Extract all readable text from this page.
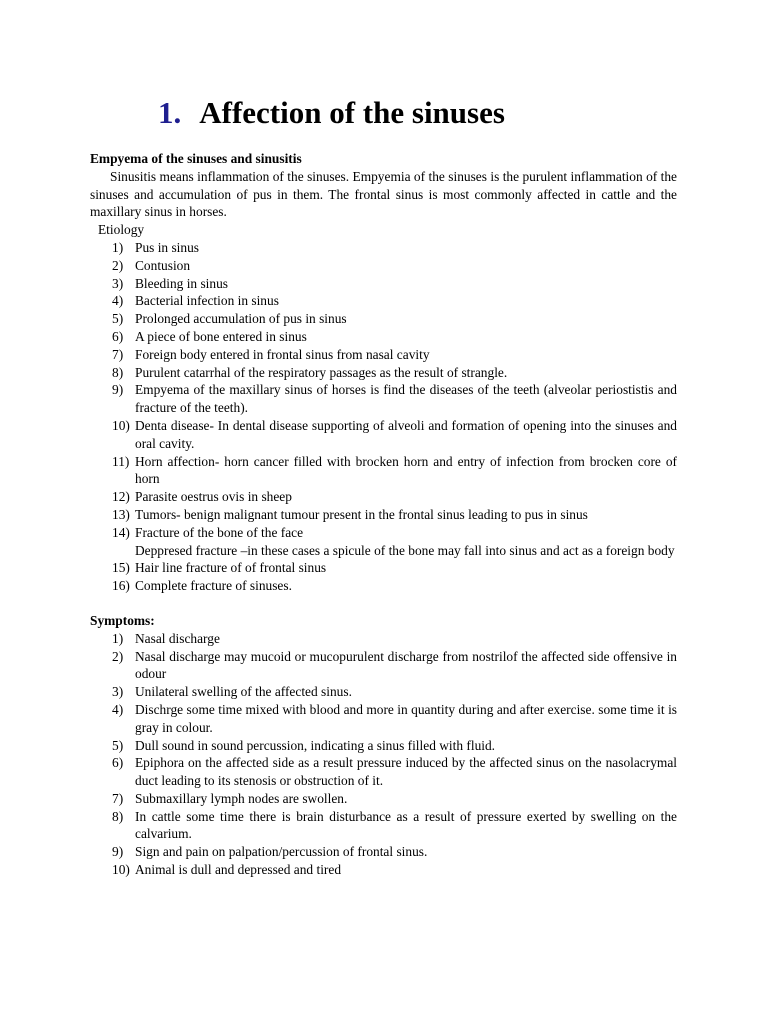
1. Affection of the sinuses
Empyema of the sinuses and sinusitis
Sinusitis means inflammation of the sinuses. Empyemia of the sinuses is the purulent inflammation of the sinuses and accumulation of pus in them. The frontal sinus is most commonly affected in cattle and the maxillary sinus in horses.
Etiology
1) Pus in sinus
2) Contusion
3) Bleeding in sinus
4) Bacterial infection in sinus
5) Prolonged accumulation of pus in sinus
6) A piece of bone entered in sinus
7) Foreign body entered in frontal sinus from nasal cavity
8) Purulent catarrhal of the respiratory passages as the result of strangle.
9) Empyema of the maxillary sinus of horses is find the diseases of the teeth (alveolar periostistis and fracture of the teeth).
10) Denta disease- In dental disease supporting of alveoli and formation of opening into the sinuses and oral cavity.
11) Horn affection- horn cancer filled with brocken horn and entry of infection from brocken core of horn
12) Parasite oestrus ovis in sheep
13) Tumors- benign malignant tumour present in the frontal sinus leading to pus in sinus
14) Fracture of the bone of the face
Deppresed fracture –in these cases a spicule of the bone may fall into sinus and act as a foreign body
15) Hair line fracture of of frontal sinus
16) Complete fracture of sinuses.
Symptoms:
1) Nasal discharge
2) Nasal discharge may mucoid or mucopurulent discharge from nostrilof the affected side offensive in odour
3) Unilateral swelling of the affected sinus.
4) Dischrge some time mixed with blood and more in quantity during and after exercise. some time it is gray in colour.
5) Dull sound in sound percussion, indicating a sinus filled with fluid.
6) Epiphora on the affected side as a result pressure induced by the affected sinus on the nasolacrymal duct leading to its stenosis or obstruction of it.
7) Submaxillary lymph nodes are swollen.
8) In cattle some time there is brain disturbance as a result of pressure exerted by swelling on the calvarium.
9) Sign and pain on palpation/percussion of frontal sinus.
10) Animal is dull and depressed and tired
